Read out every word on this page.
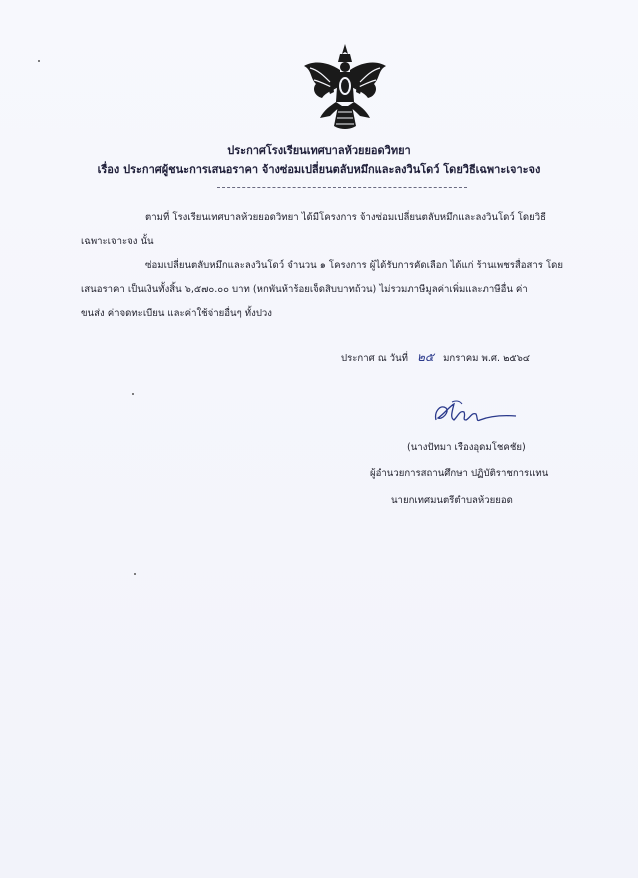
ประกาศโรงเรียนเทศบาลห้วยยอดวิทยา
เรื่อง ประกาศผู้ชนะการเสนอราคา จ้างซ่อมเปลี่ยนตลับหมึกและลงวินโดว์ โดยวิธีเฉพาะเจาะจง
ตามที่ โรงเรียนเทศบาลห้วยยอดวิทยา ได้มีโครงการ จ้างซ่อมเปลี่ยนตลับหมึกและลงวินโดว์ โดยวิธี
เฉพาะเจาะจง นั้น
ซ่อมเปลี่ยนตลับหมึกและลงวินโดว์ จำนวน ๑ โครงการ ผู้ได้รับการคัดเลือก ได้แก่ ร้านเพชรสื่อสาร โดย
เสนอราคา เป็นเงินทั้งสิ้น ๖,๕๗๐.๐๐ บาท (หกพันห้าร้อยเจ็ดสิบบาทถ้วน) ไม่รวมภาษีมูลค่าเพิ่มและภาษีอื่น ค่า
ขนส่ง ค่าจดทะเบียน และค่าใช้จ่ายอื่นๆ ทั้งปวง
ประกาศ ณ วันที่ ๒๕ มกราคม พ.ศ. ๒๕๖๔
(นางปัทมา เรืองอุดมโชคชัย)
ผู้อำนวยการสถานศึกษา ปฏิบัติราชการแทน
นายกเทศมนตรีตำบลห้วยยอด
